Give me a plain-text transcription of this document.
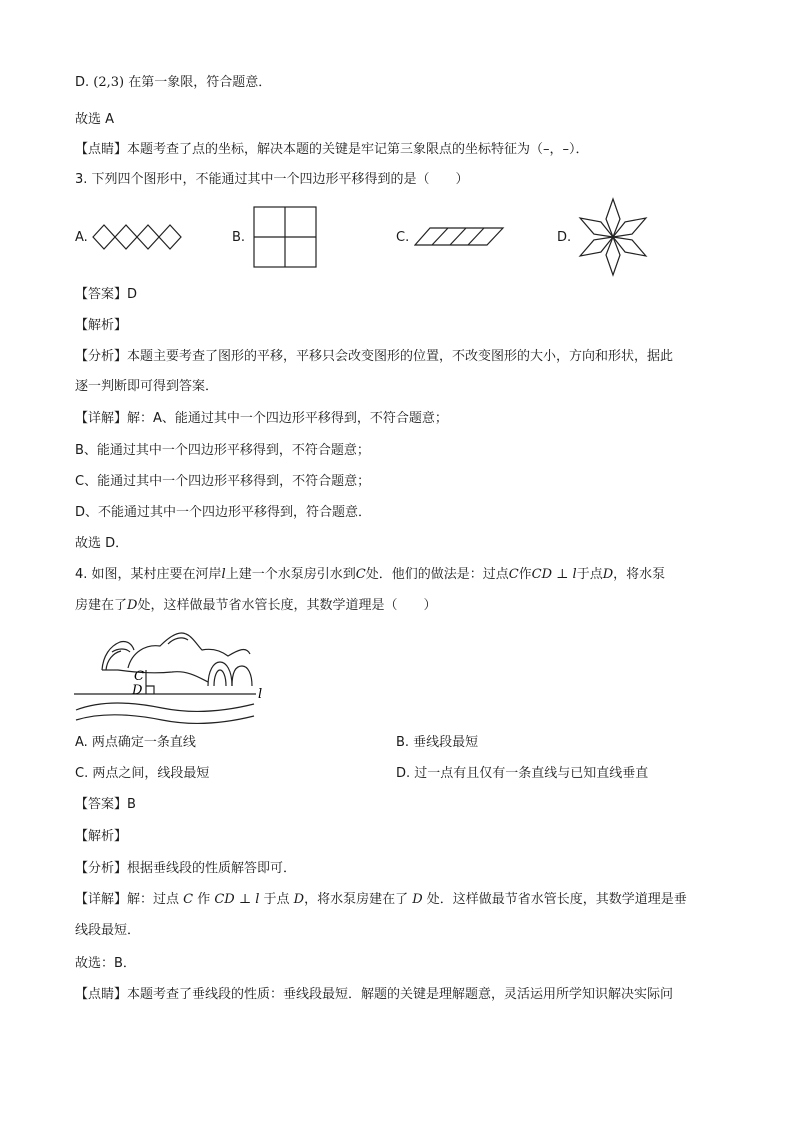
D. (2,3) 在第一象限，符合题意．
故选 A
【点睛】本题考查了点的坐标，解决本题的关键是牢记第三象限点的坐标特征为（–，–）．
3. 下列四个图形中，不能通过其中一个四边形平移得到的是（　　）
A.	B.	C.	D.
【答案】D
【解析】
【分析】本题主要考查了图形的平移，平移只会改变图形的位置，不改变图形的大小，方向和形状，据此
逐一判断即可得到答案．
【详解】解：A、能通过其中一个四边形平移得到，不符合题意；
B、能通过其中一个四边形平移得到，不符合题意；
C、能通过其中一个四边形平移得到，不符合题意；
D、不能通过其中一个四边形平移得到，符合题意．
故选 D．
4. 如图，某村庄要在河岸l上建一个水泵房引水到C处．他们的做法是：过点C作CD ⊥ l于点D，将水泵
房建在了D处，这样做最节省水管长度，其数学道理是（　　）
C
D	l
A. 两点确定一条直线	B. 垂线段最短
C. 两点之间，线段最短	D. 过一点有且仅有一条直线与已知直线垂直
【答案】B
【解析】
【分析】根据垂线段的性质解答即可．
【详解】解：过点 C 作 CD ⊥ l 于点 D，将水泵房建在了 D 处．这样做最节省水管长度，其数学道理是垂
线段最短．
故选：B．
【点睛】本题考查了垂线段的性质：垂线段最短．解题的关键是理解题意，灵活运用所学知识解决实际问
